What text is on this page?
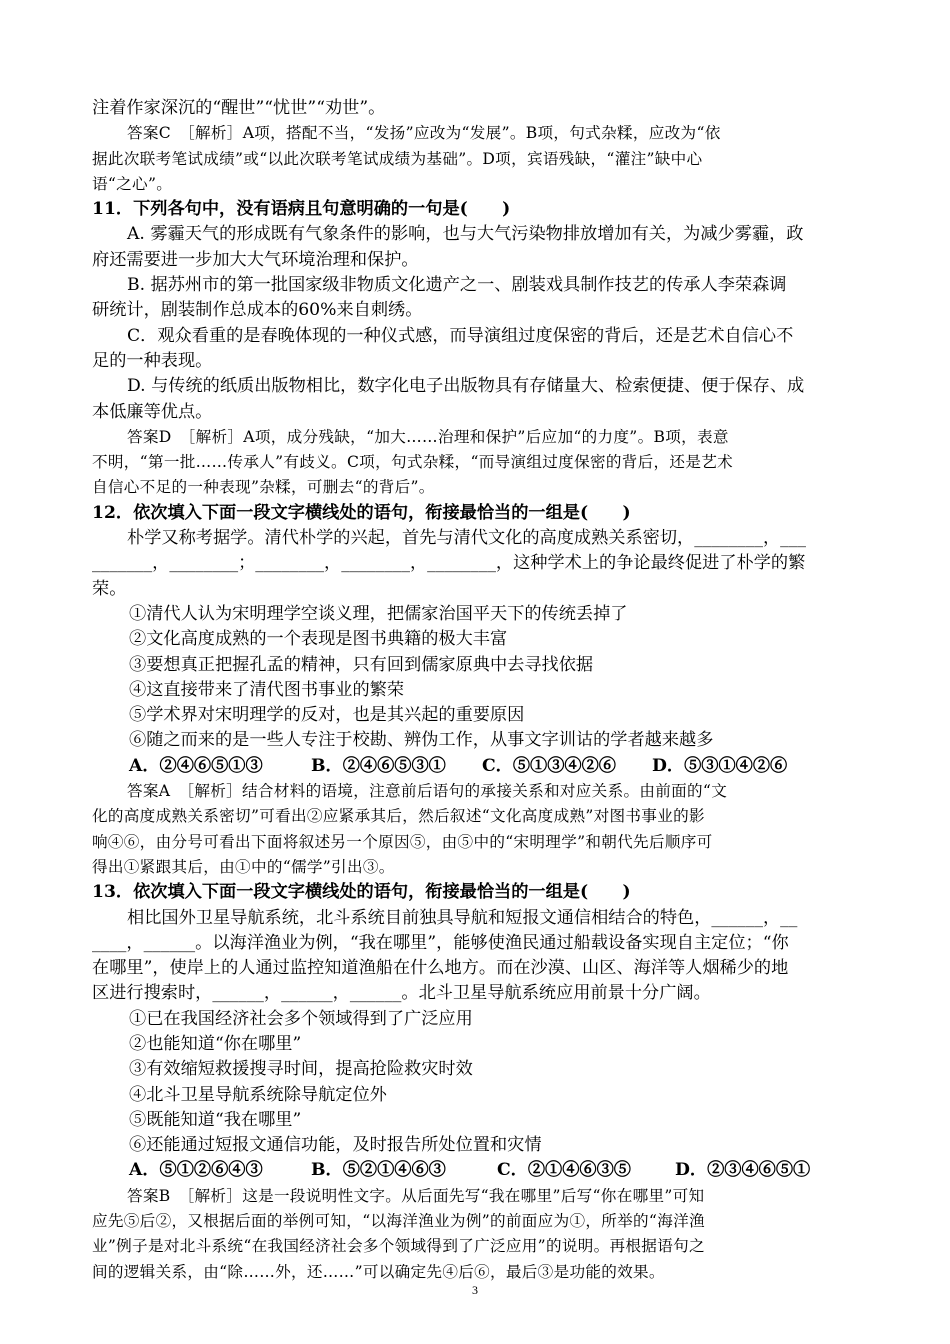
注着作家深沉的“醒世”“忧世”“劝世”。
答案C　［解析］A项，搭配不当，“发扬”应改为“发展”。B项，句式杂糅，应改为“依
据此次联考笔试成绩”或“以此次联考笔试成绩为基础”。D项，宾语残缺，“灌注”缺中心
语“之心”。
11．下列各句中，没有语病且句意明确的一句是(　　)
A. 雾霾天气的形成既有气象条件的影响，也与大气污染物排放增加有关，为减少雾霾，政
府还需要进一步加大大气环境治理和保护。
B. 据苏州市的第一批国家级非物质文化遗产之一、剧装戏具制作技艺的传承人李荣森调
研统计，剧装制作总成本的60%来自刺绣。
C．观众看重的是春晚体现的一种仪式感，而导演组过度保密的背后，还是艺术自信心不
足的一种表现。
D. 与传统的纸质出版物相比，数字化电子出版物具有存储量大、检索便捷、便于保存、成
本低廉等优点。
答案D　［解析］A项，成分残缺，“加大……治理和保护”后应加“的力度”。B项，表意
不明，“第一批……传承人”有歧义。C项，句式杂糅，“而导演组过度保密的背后，还是艺术
自信心不足的一种表现”杂糅，可删去“的背后”。
12．依次填入下面一段文字横线处的语句，衔接最恰当的一组是(　　)
朴学又称考据学。清代朴学的兴起，首先与清代文化的高度成熟关系密切，________，___
_______，________；________，________，________，这种学术上的争论最终促进了朴学的繁
荣。
①清代人认为宋明理学空谈义理，把儒家治国平天下的传统丢掉了
②文化高度成熟的一个表现是图书典籍的极大丰富
③要想真正把握孔孟的精神，只有回到儒家原典中去寻找依据
④这直接带来了清代图书事业的繁荣
⑤学术界对宋明理学的反对，也是其兴起的重要原因
⑥随之而来的是一些人专注于校勘、辨伪工作，从事文字训诂的学者越来越多
A．②④⑥⑤①③	B．②④⑥⑤③① C．⑤①③④②⑥ D．⑤③①④②⑥
答案A　［解析］结合材料的语境，注意前后语句的承接关系和对应关系。由前面的“文
化的高度成熟关系密切”可看出②应紧承其后，然后叙述“文化高度成熟”对图书事业的影
响④⑥，由分号可看出下面将叙述另一个原因⑤，由⑤中的“宋明理学”和朝代先后顺序可
得出①紧跟其后，由①中的“儒学”引出③。
13．依次填入下面一段文字横线处的语句，衔接最恰当的一组是(　　)
相比国外卫星导航系统，北斗系统目前独具导航和短报文通信相结合的特色，______，__
____，______。以海洋渔业为例，“我在哪里”，能够使渔民通过船载设备实现自主定位；“你
在哪里”，使岸上的人通过监控知道渔船在什么地方。而在沙漠、山区、海洋等人烟稀少的地
区进行搜索时，______，______，______。北斗卫星导航系统应用前景十分广阔。
①已在我国经济社会多个领域得到了广泛应用
②也能知道“你在哪里”
③有效缩短救援搜寻时间，提高抢险救灾时效
④北斗卫星导航系统除导航定位外
⑤既能知道“我在哪里”
⑥还能通过短报文通信功能，及时报告所处位置和灾情
A．⑤①②⑥④③	B．⑤②①④⑥③	C．②①④⑥③⑤	D．②③④⑥⑤①
答案B　［解析］这是一段说明性文字。从后面先写“我在哪里”后写“你在哪里”可知
应先⑤后②，又根据后面的举例可知，“以海洋渔业为例”的前面应为①，所举的“海洋渔
业”例子是对北斗系统“在我国经济社会多个领域得到了广泛应用”的说明。再根据语句之
间的逻辑关系，由“除……外，还……”可以确定先④后⑥，最后③是功能的效果。
3
